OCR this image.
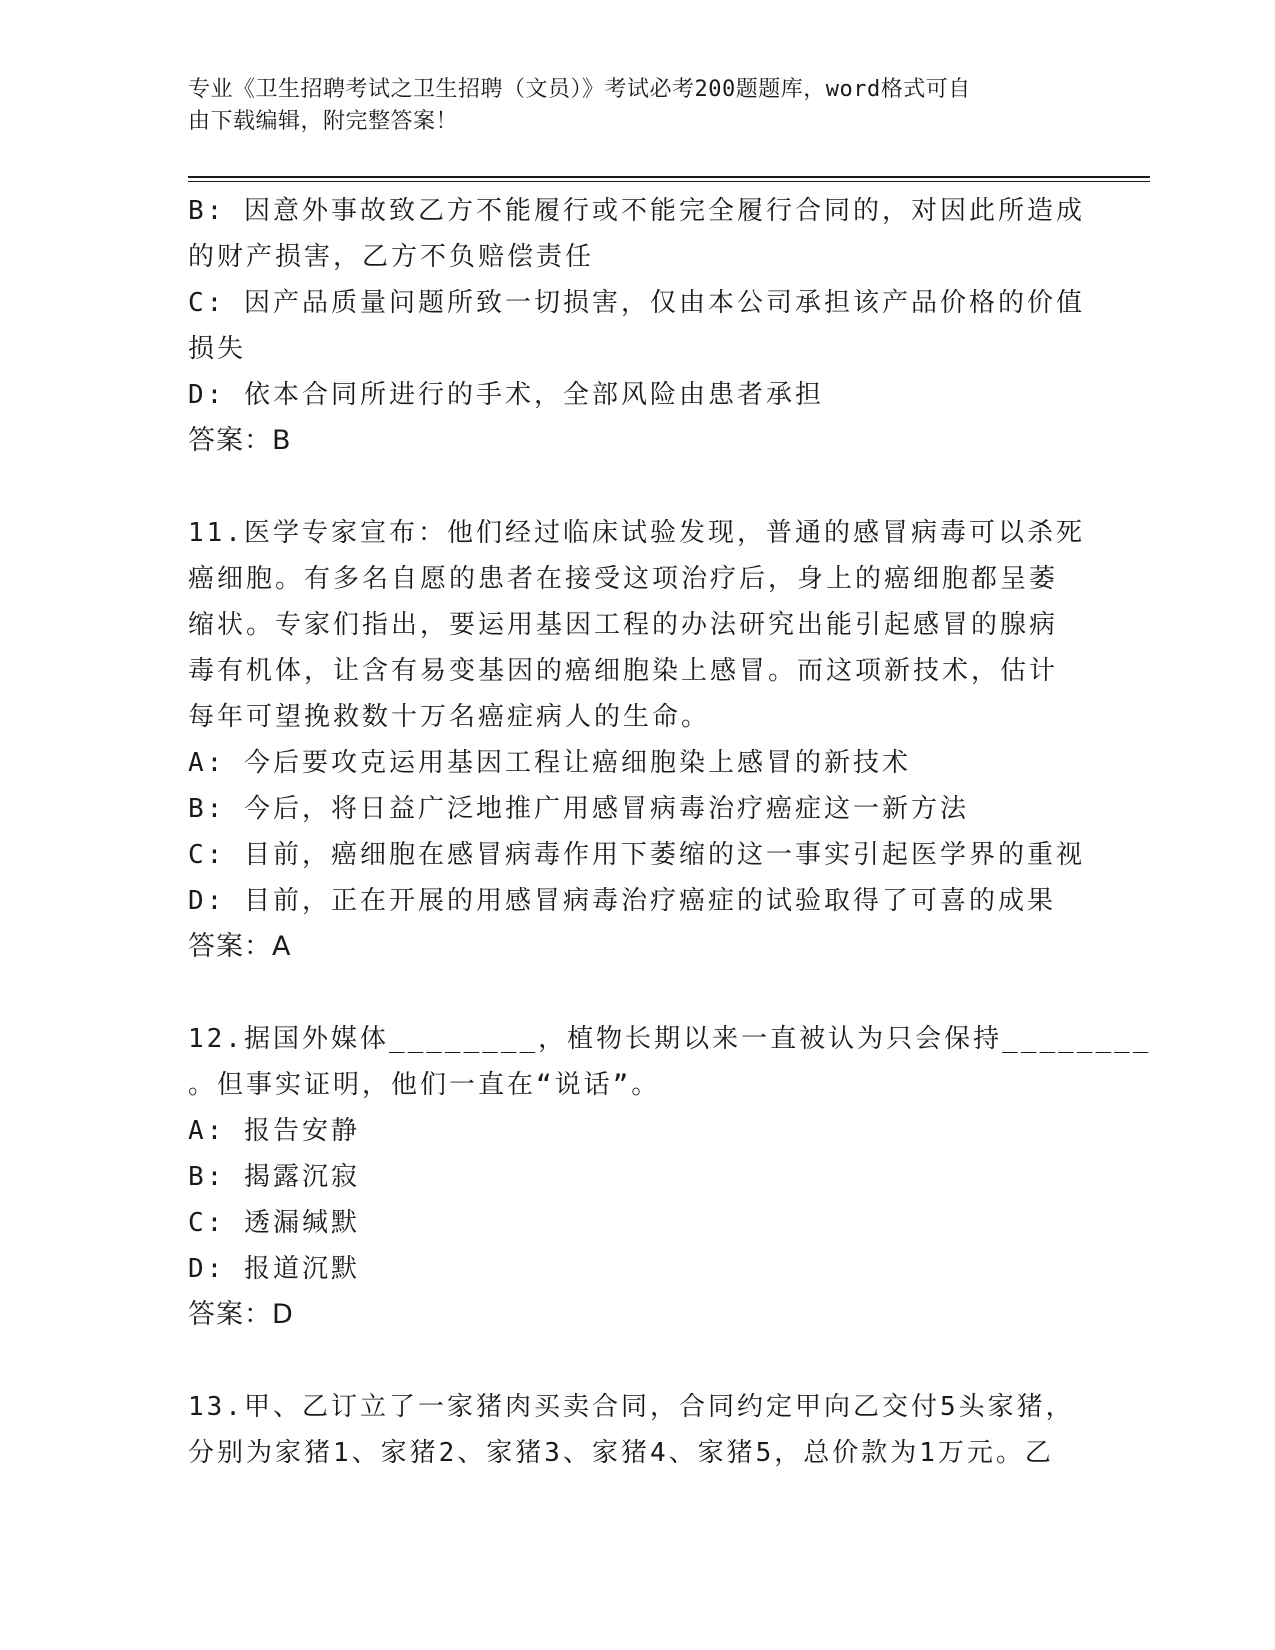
专业《卫生招聘考试之卫生招聘（文员）》考试必考200题题库，word格式可自
由下载编辑，附完整答案！
B: 因意外事故致乙方不能履行或不能完全履行合同的，对因此所造成
的财产损害，乙方不负赔偿责任
C: 因产品质量问题所致一切损害，仅由本公司承担该产品价格的价值
损失
D: 依本合同所进行的手术，全部风险由患者承担
答案：B
11.医学专家宣布：他们经过临床试验发现，普通的感冒病毒可以杀死
癌细胞。有多名自愿的患者在接受这项治疗后，身上的癌细胞都呈萎
缩状。专家们指出，要运用基因工程的办法研究出能引起感冒的腺病
毒有机体，让含有易变基因的癌细胞染上感冒。而这项新技术，估计
每年可望挽救数十万名癌症病人的生命。
A: 今后要攻克运用基因工程让癌细胞染上感冒的新技术
B: 今后，将日益广泛地推广用感冒病毒治疗癌症这一新方法
C: 目前，癌细胞在感冒病毒作用下萎缩的这一事实引起医学界的重视
D: 目前，正在开展的用感冒病毒治疗癌症的试验取得了可喜的成果
答案：A
12.据国外媒体________，植物长期以来一直被认为只会保持________
。但事实证明，他们一直在“说话”。
A: 报告安静
B: 揭露沉寂
C: 透漏缄默
D: 报道沉默
答案：D
13.甲、乙订立了一家猪肉买卖合同，合同约定甲向乙交付5头家猪，
分别为家猪1、家猪2、家猪3、家猪4、家猪5，总价款为1万元。乙
